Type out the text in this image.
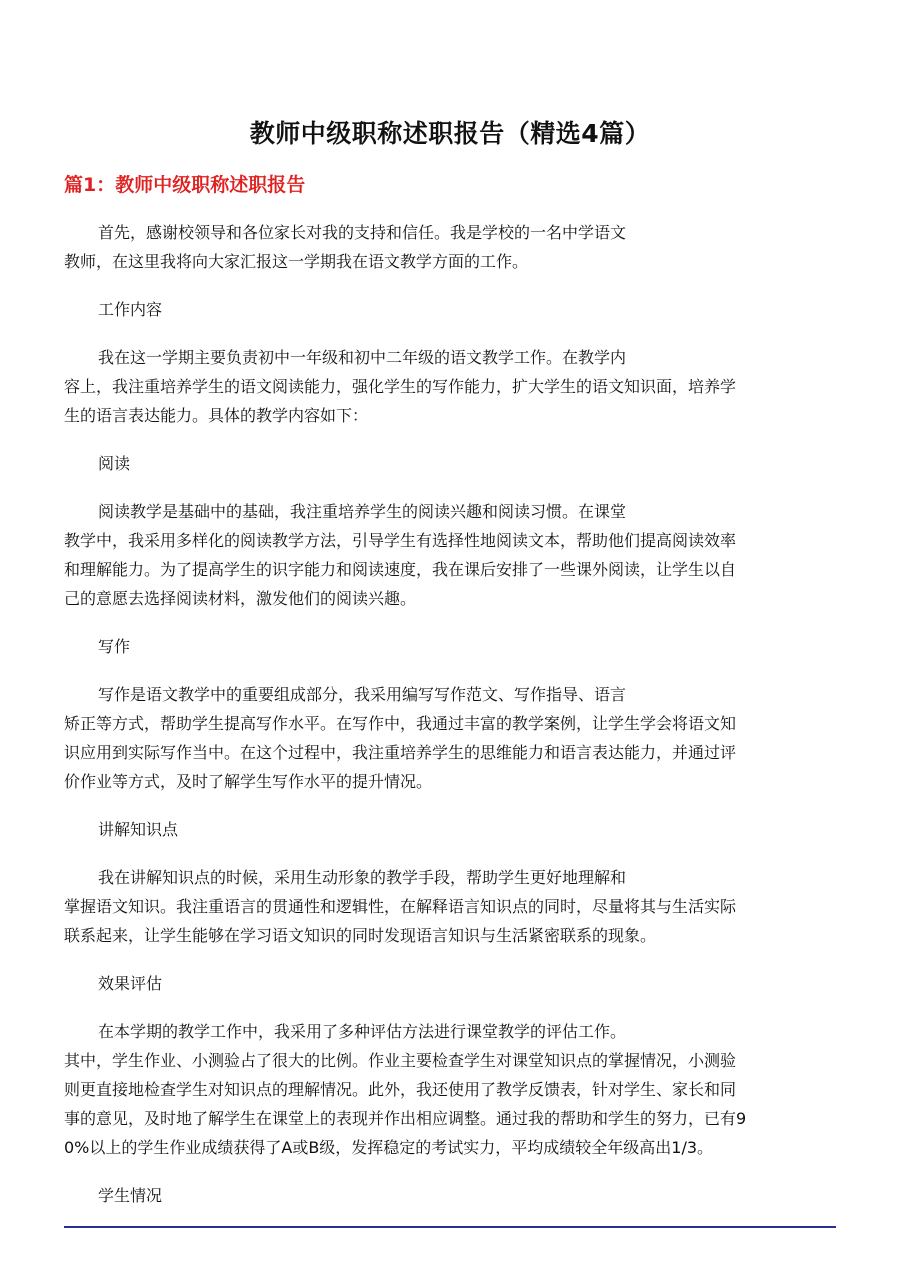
教师中级职称述职报告（精选4篇）
篇1：教师中级职称述职报告
首先，感谢校领导和各位家长对我的支持和信任。我是学校的一名中学语文
教师，在这里我将向大家汇报这一学期我在语文教学方面的工作。
工作内容
我在这一学期主要负责初中一年级和初中二年级的语文教学工作。在教学内
容上，我注重培养学生的语文阅读能力，强化学生的写作能力，扩大学生的语文知识面，培养学
生的语言表达能力。具体的教学内容如下：
阅读
阅读教学是基础中的基础，我注重培养学生的阅读兴趣和阅读习惯。在课堂
教学中，我采用多样化的阅读教学方法，引导学生有选择性地阅读文本，帮助他们提高阅读效率
和理解能力。为了提高学生的识字能力和阅读速度，我在课后安排了一些课外阅读，让学生以自
己的意愿去选择阅读材料，激发他们的阅读兴趣。
写作
写作是语文教学中的重要组成部分，我采用编写写作范文、写作指导、语言
矫正等方式，帮助学生提高写作水平。在写作中，我通过丰富的教学案例，让学生学会将语文知
识应用到实际写作当中。在这个过程中，我注重培养学生的思维能力和语言表达能力，并通过评
价作业等方式，及时了解学生写作水平的提升情况。
讲解知识点
我在讲解知识点的时候，采用生动形象的教学手段，帮助学生更好地理解和
掌握语文知识。我注重语言的贯通性和逻辑性，在解释语言知识点的同时，尽量将其与生活实际
联系起来，让学生能够在学习语文知识的同时发现语言知识与生活紧密联系的现象。
效果评估
在本学期的教学工作中，我采用了多种评估方法进行课堂教学的评估工作。
其中，学生作业、小测验占了很大的比例。作业主要检查学生对课堂知识点的掌握情况，小测验
则更直接地检查学生对知识点的理解情况。此外，我还使用了教学反馈表，针对学生、家长和同
事的意见，及时地了解学生在课堂上的表现并作出相应调整。通过我的帮助和学生的努力，已有9
0%以上的学生作业成绩获得了A或B级，发挥稳定的考试实力，平均成绩较全年级高出1/3。
学生情况
